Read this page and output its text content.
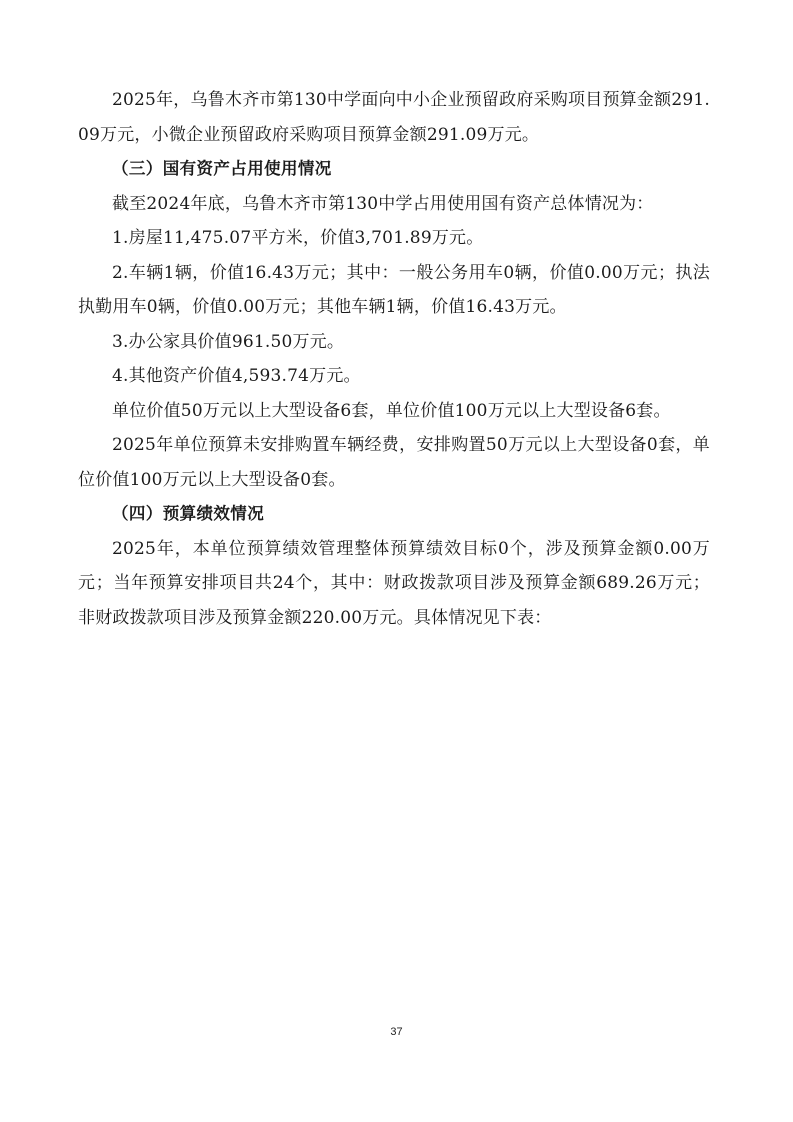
2025年，乌鲁木齐市第130中学面向中小企业预留政府采购项目预算金额291.09万元，小微企业预留政府采购项目预算金额291.09万元。

（三）国有资产占用使用情况

截至2024年底，乌鲁木齐市第130中学占用使用国有资产总体情况为：

1.房屋11,475.07平方米，价值3,701.89万元。

2.车辆1辆，价值16.43万元；其中：一般公务用车0辆，价值0.00万元；执法执勤用车0辆，价值0.00万元；其他车辆1辆，价值16.43万元。

3.办公家具价值961.50万元。

4.其他资产价值4,593.74万元。

单位价值50万元以上大型设备6套，单位价值100万元以上大型设备6套。

2025年单位预算未安排购置车辆经费，安排购置50万元以上大型设备0套，单位价值100万元以上大型设备0套。

（四）预算绩效情况

2025年，本单位预算绩效管理整体预算绩效目标0个，涉及预算金额0.00万元；当年预算安排项目共24个，其中：财政拨款项目涉及预算金额689.26万元；非财政拨款项目涉及预算金额220.00万元。具体情况见下表：

37
